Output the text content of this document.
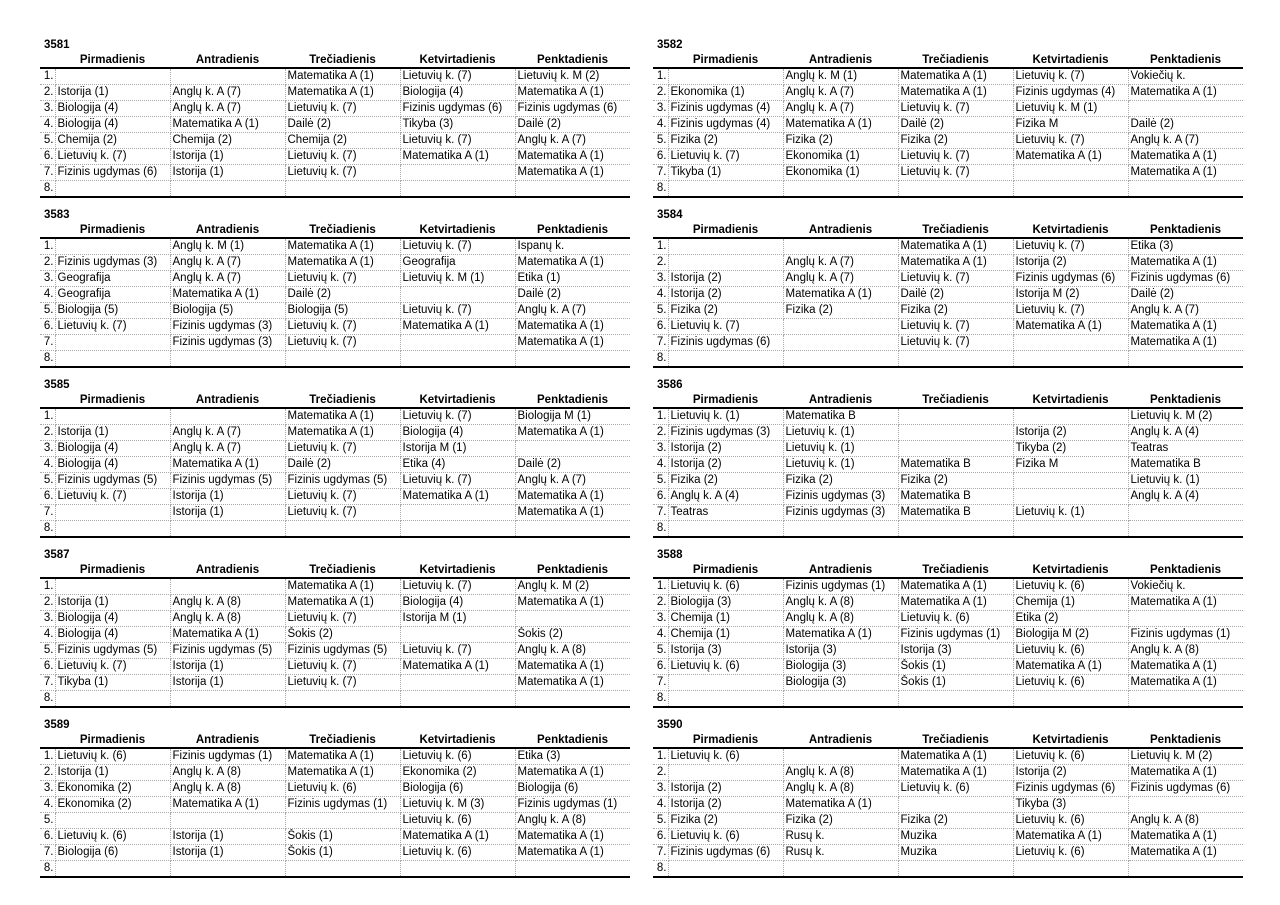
3581
	Pirmadienis	Antradienis	Trečiadienis	Ketvirtadienis	Penktadienis
1.			Matematika A (1)	Lietuvių k. (7)	Lietuvių k. M (2)
2.	Istorija (1)	Anglų k. A (7)	Matematika A (1)	Biologija (4)	Matematika A (1)
3.	Biologija (4)	Anglų k. A (7)	Lietuvių k. (7)	Fizinis ugdymas (6)	Fizinis ugdymas (6)
4.	Biologija (4)	Matematika A (1)	Dailė (2)	Tikyba (3)	Dailė (2)
5.	Chemija (2)	Chemija (2)	Chemija (2)	Lietuvių k. (7)	Anglų k. A (7)
6.	Lietuvių k. (7)	Istorija (1)	Lietuvių k. (7)	Matematika A (1)	Matematika A (1)
7.	Fizinis ugdymas (6)	Istorija (1)	Lietuvių k. (7)		Matematika A (1)
8.					
3582
	Pirmadienis	Antradienis	Trečiadienis	Ketvirtadienis	Penktadienis
1.		Anglų k. M (1)	Matematika A (1)	Lietuvių k. (7)	Vokiečių k.
2.	Ekonomika (1)	Anglų k. A (7)	Matematika A (1)	Fizinis ugdymas (4)	Matematika A (1)
3.	Fizinis ugdymas (4)	Anglų k. A (7)	Lietuvių k. (7)	Lietuvių k. M (1)	
4.	Fizinis ugdymas (4)	Matematika A (1)	Dailė (2)	Fizika M	Dailė (2)
5.	Fizika (2)	Fizika (2)	Fizika (2)	Lietuvių k. (7)	Anglų k. A (7)
6.	Lietuvių k. (7)	Ekonomika (1)	Lietuvių k. (7)	Matematika A (1)	Matematika A (1)
7.	Tikyba (1)	Ekonomika (1)	Lietuvių k. (7)		Matematika A (1)
8.					
3583
	Pirmadienis	Antradienis	Trečiadienis	Ketvirtadienis	Penktadienis
1.		Anglų k. M (1)	Matematika A (1)	Lietuvių k. (7)	Ispanų k.
2.	Fizinis ugdymas (3)	Anglų k. A (7)	Matematika A (1)	Geografija	Matematika A (1)
3.	Geografija	Anglų k. A (7)	Lietuvių k. (7)	Lietuvių k. M (1)	Etika (1)
4.	Geografija	Matematika A (1)	Dailė (2)		Dailė (2)
5.	Biologija (5)	Biologija (5)	Biologija (5)	Lietuvių k. (7)	Anglų k. A (7)
6.	Lietuvių k. (7)	Fizinis ugdymas (3)	Lietuvių k. (7)	Matematika A (1)	Matematika A (1)
7.		Fizinis ugdymas (3)	Lietuvių k. (7)		Matematika A (1)
8.					
3584
	Pirmadienis	Antradienis	Trečiadienis	Ketvirtadienis	Penktadienis
1.			Matematika A (1)	Lietuvių k. (7)	Etika (3)
2.		Anglų k. A (7)	Matematika A (1)	Istorija (2)	Matematika A (1)
3.	Istorija (2)	Anglų k. A (7)	Lietuvių k. (7)	Fizinis ugdymas (6)	Fizinis ugdymas (6)
4.	Istorija (2)	Matematika A (1)	Dailė (2)	Istorija M (2)	Dailė (2)
5.	Fizika (2)	Fizika (2)	Fizika (2)	Lietuvių k. (7)	Anglų k. A (7)
6.	Lietuvių k. (7)		Lietuvių k. (7)	Matematika A (1)	Matematika A (1)
7.	Fizinis ugdymas (6)		Lietuvių k. (7)		Matematika A (1)
8.					
3585
	Pirmadienis	Antradienis	Trečiadienis	Ketvirtadienis	Penktadienis
1.			Matematika A (1)	Lietuvių k. (7)	Biologija M (1)
2.	Istorija (1)	Anglų k. A (7)	Matematika A (1)	Biologija (4)	Matematika A (1)
3.	Biologija (4)	Anglų k. A (7)	Lietuvių k. (7)	Istorija M (1)	
4.	Biologija (4)	Matematika A (1)	Dailė (2)	Etika (4)	Dailė (2)
5.	Fizinis ugdymas (5)	Fizinis ugdymas (5)	Fizinis ugdymas (5)	Lietuvių k. (7)	Anglų k. A (7)
6.	Lietuvių k. (7)	Istorija (1)	Lietuvių k. (7)	Matematika A (1)	Matematika A (1)
7.		Istorija (1)	Lietuvių k. (7)		Matematika A (1)
8.					
3586
	Pirmadienis	Antradienis	Trečiadienis	Ketvirtadienis	Penktadienis
1.	Lietuvių k. (1)	Matematika B			Lietuvių k. M (2)
2.	Fizinis ugdymas (3)	Lietuvių k. (1)		Istorija (2)	Anglų k. A (4)
3.	Istorija (2)	Lietuvių k. (1)		Tikyba (2)	Teatras
4.	Istorija (2)	Lietuvių k. (1)	Matematika B	Fizika M	Matematika B
5.	Fizika (2)	Fizika (2)	Fizika (2)		Lietuvių k. (1)
6.	Anglų k. A (4)	Fizinis ugdymas (3)	Matematika B		Anglų k. A (4)
7.	Teatras	Fizinis ugdymas (3)	Matematika B	Lietuvių k. (1)	
8.					
3587
	Pirmadienis	Antradienis	Trečiadienis	Ketvirtadienis	Penktadienis
1.			Matematika A (1)	Lietuvių k. (7)	Anglų k. M (2)
2.	Istorija (1)	Anglų k. A (8)	Matematika A (1)	Biologija (4)	Matematika A (1)
3.	Biologija (4)	Anglų k. A (8)	Lietuvių k. (7)	Istorija M (1)	
4.	Biologija (4)	Matematika A (1)	Šokis (2)		Šokis (2)
5.	Fizinis ugdymas (5)	Fizinis ugdymas (5)	Fizinis ugdymas (5)	Lietuvių k. (7)	Anglų k. A (8)
6.	Lietuvių k. (7)	Istorija (1)	Lietuvių k. (7)	Matematika A (1)	Matematika A (1)
7.	Tikyba (1)	Istorija (1)	Lietuvių k. (7)		Matematika A (1)
8.					
3588
	Pirmadienis	Antradienis	Trečiadienis	Ketvirtadienis	Penktadienis
1.	Lietuvių k. (6)	Fizinis ugdymas (1)	Matematika A (1)	Lietuvių k. (6)	Vokiečių k.
2.	Biologija (3)	Anglų k. A (8)	Matematika A (1)	Chemija (1)	Matematika A (1)
3.	Chemija (1)	Anglų k. A (8)	Lietuvių k. (6)	Etika (2)	
4.	Chemija (1)	Matematika A (1)	Fizinis ugdymas (1)	Biologija M (2)	Fizinis ugdymas (1)
5.	Istorija (3)	Istorija (3)	Istorija (3)	Lietuvių k. (6)	Anglų k. A (8)
6.	Lietuvių k. (6)	Biologija (3)	Šokis (1)	Matematika A (1)	Matematika A (1)
7.		Biologija (3)	Šokis (1)	Lietuvių k. (6)	Matematika A (1)
8.					
3589
	Pirmadienis	Antradienis	Trečiadienis	Ketvirtadienis	Penktadienis
1.	Lietuvių k. (6)	Fizinis ugdymas (1)	Matematika A (1)	Lietuvių k. (6)	Etika (3)
2.	Istorija (1)	Anglų k. A (8)	Matematika A (1)	Ekonomika (2)	Matematika A (1)
3.	Ekonomika (2)	Anglų k. A (8)	Lietuvių k. (6)	Biologija (6)	Biologija (6)
4.	Ekonomika (2)	Matematika A (1)	Fizinis ugdymas (1)	Lietuvių k. M (3)	Fizinis ugdymas (1)
5.				Lietuvių k. (6)	Anglų k. A (8)
6.	Lietuvių k. (6)	Istorija (1)	Šokis (1)	Matematika A (1)	Matematika A (1)
7.	Biologija (6)	Istorija (1)	Šokis (1)	Lietuvių k. (6)	Matematika A (1)
8.					
3590
	Pirmadienis	Antradienis	Trečiadienis	Ketvirtadienis	Penktadienis
1.	Lietuvių k. (6)		Matematika A (1)	Lietuvių k. (6)	Lietuvių k. M (2)
2.		Anglų k. A (8)	Matematika A (1)	Istorija (2)	Matematika A (1)
3.	Istorija (2)	Anglų k. A (8)	Lietuvių k. (6)	Fizinis ugdymas (6)	Fizinis ugdymas (6)
4.	Istorija (2)	Matematika A (1)		Tikyba (3)	
5.	Fizika (2)	Fizika (2)	Fizika (2)	Lietuvių k. (6)	Anglų k. A (8)
6.	Lietuvių k. (6)	Rusų k.	Muzika	Matematika A (1)	Matematika A (1)
7.	Fizinis ugdymas (6)	Rusų k.	Muzika	Lietuvių k. (6)	Matematika A (1)
8.					
